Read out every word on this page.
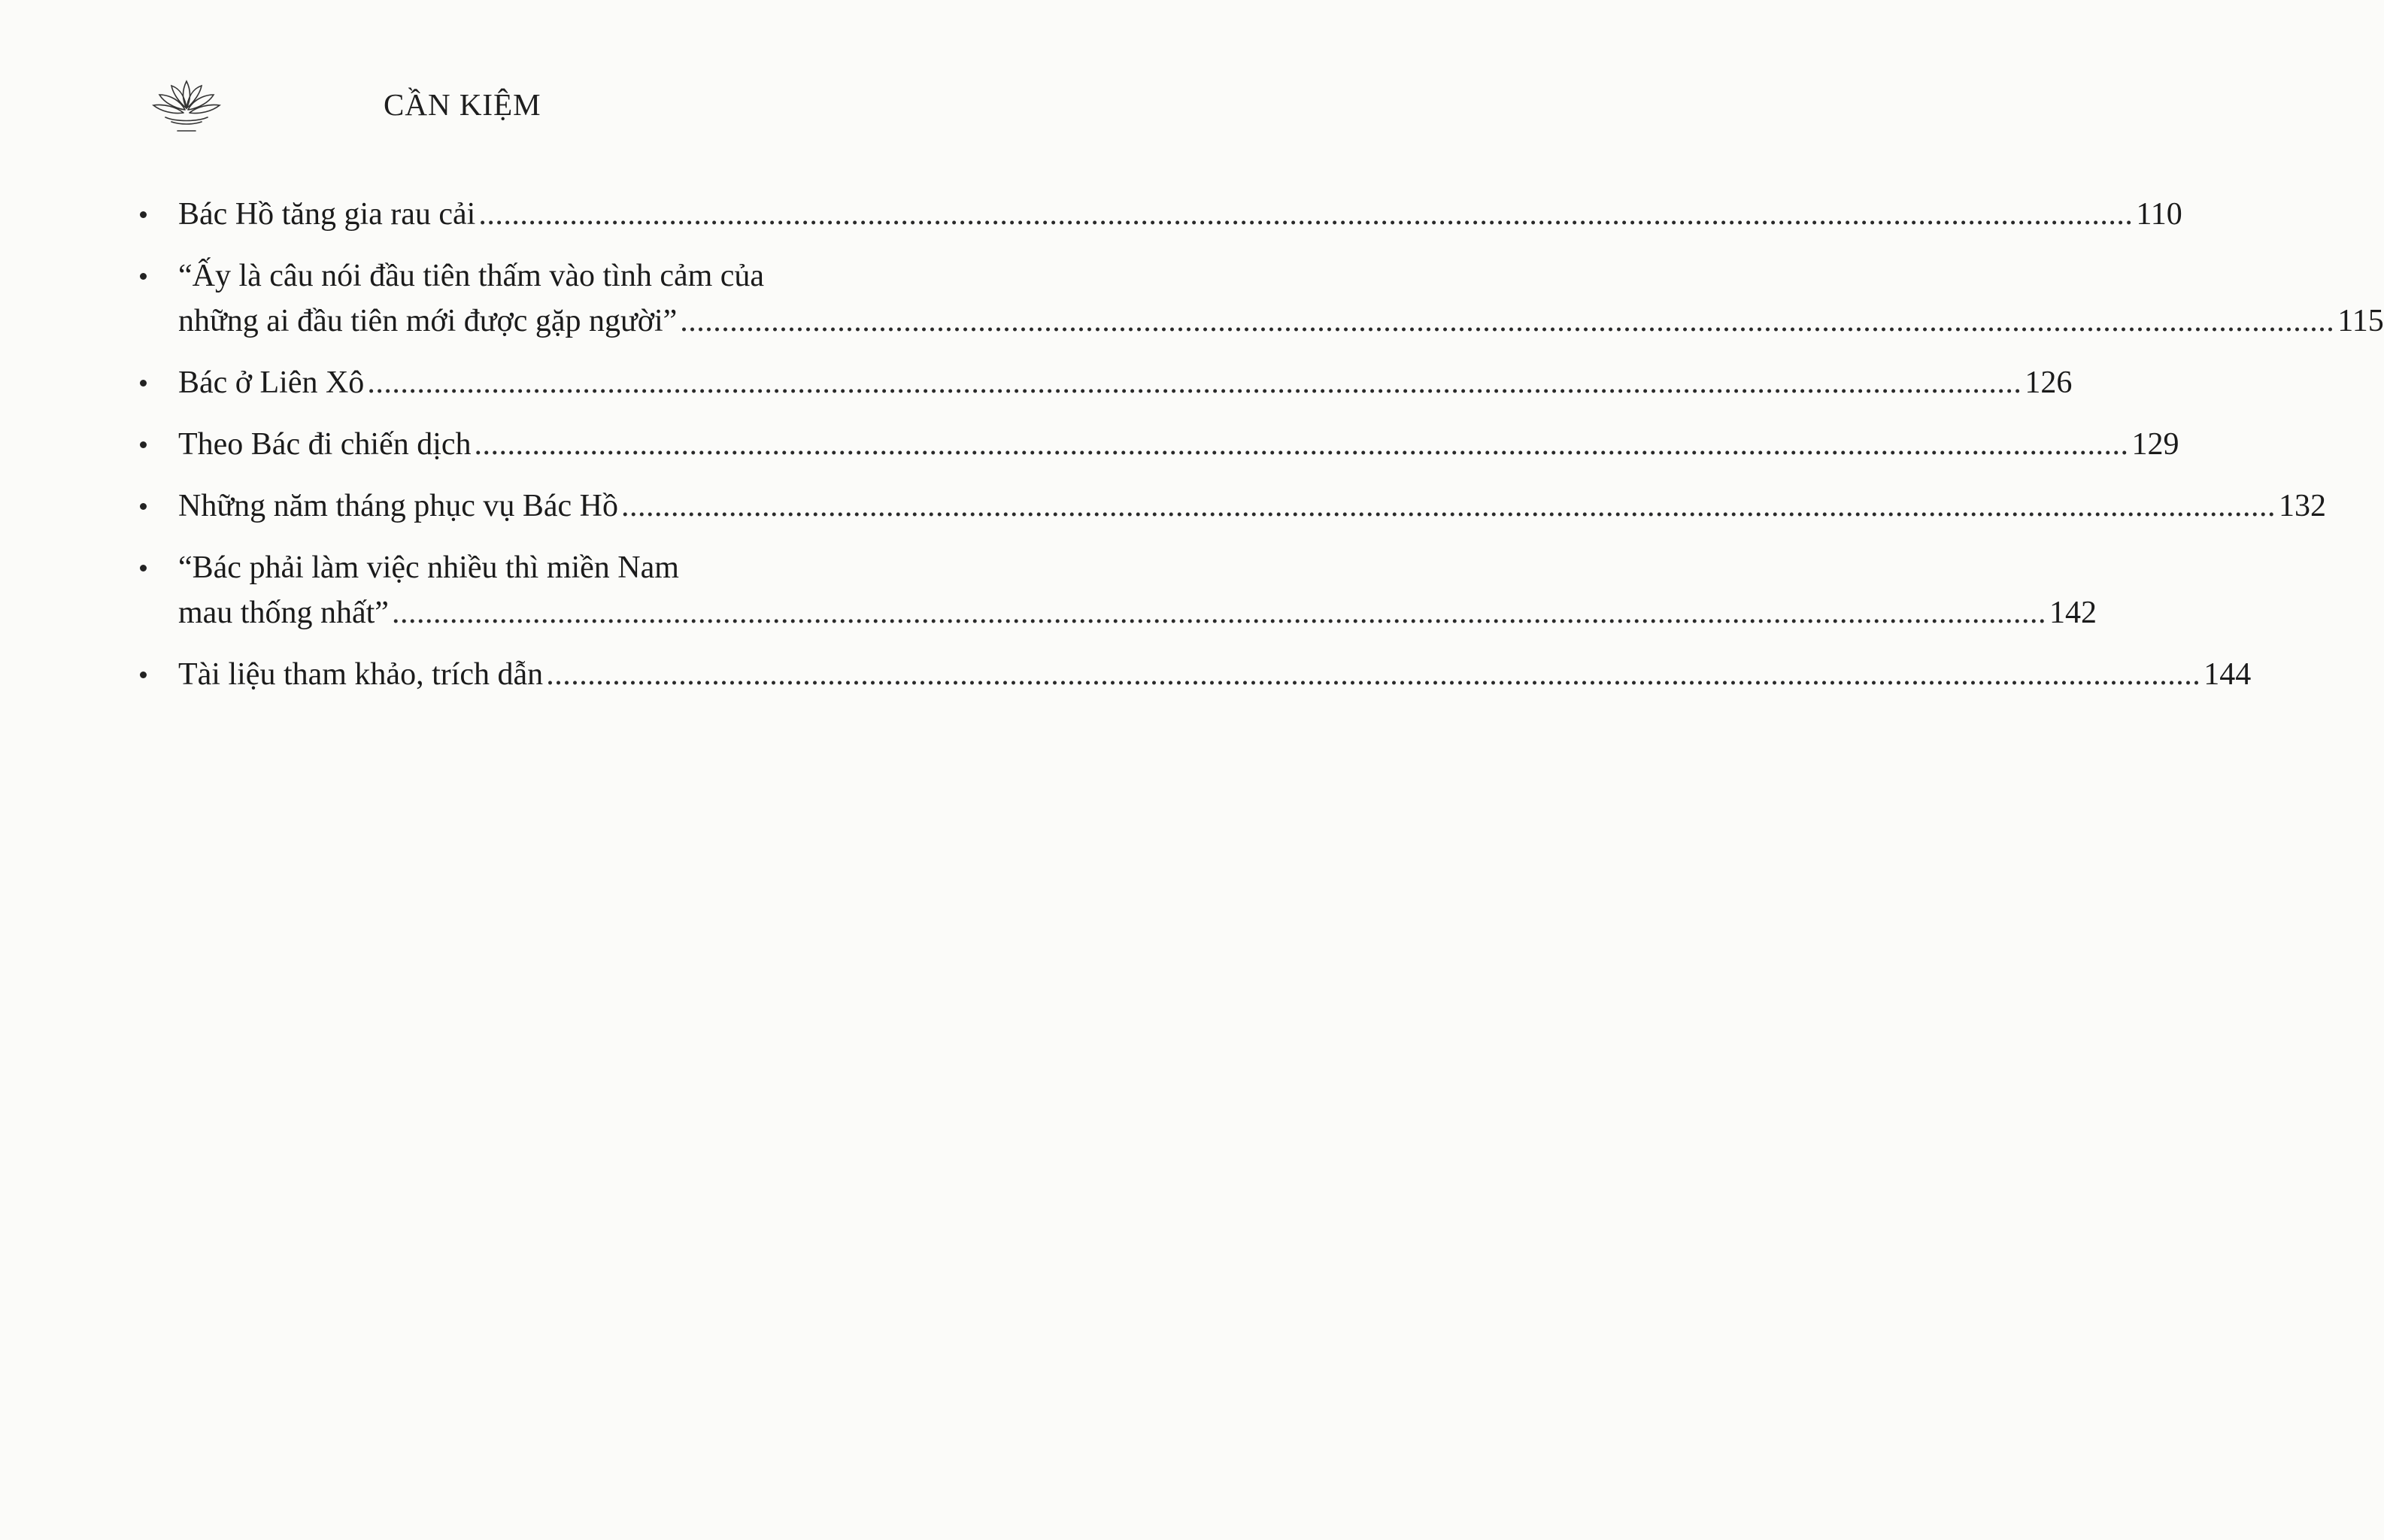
CẦN KIỆM
Bác Hồ tăng gia rau cải ........................................................................................................................................................................................................ 110
“Ấy là câu nói đầu tiên thấm vào tình cảm của
những ai đầu tiên mới được gặp người” ........................................................................................................................................................................................................ 115
Bác ở Liên Xô ........................................................................................................................................................................................................ 126
Theo Bác đi chiến dịch ........................................................................................................................................................................................................ 129
Những năm tháng phục vụ Bác Hồ ........................................................................................................................................................................................................ 132
“Bác phải làm việc nhiều thì miền Nam
mau thống nhất” ........................................................................................................................................................................................................ 142
Tài liệu tham khảo, trích dẫn ........................................................................................................................................................................................................ 144
